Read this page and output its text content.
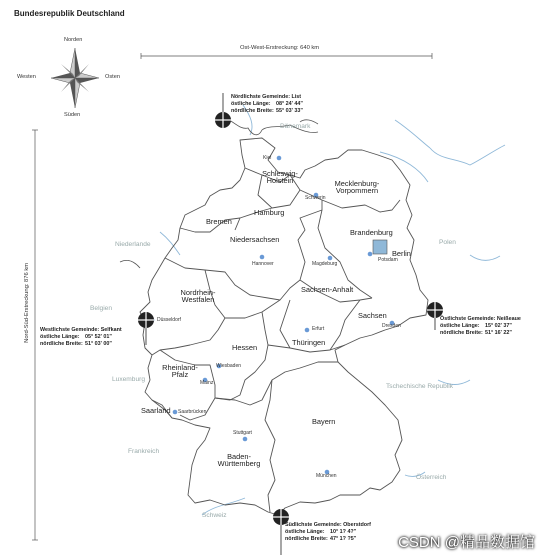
Bundesrepublik Deutschland
Norden
Süden
Osten
Westen
Ost-West-Erstreckung: 640 km
Nord-Süd-Erstreckung: 876 km
Schleswig-
Holstein
Hamburg
Mecklenburg-
Vorpommern
Bremen
Niedersachsen
Brandenburg
Berlin
Sachsen-Anhalt
Nordrhein-
Westfalen
Sachsen
Hessen
Thüringen
Rheinland-
Pfalz
Saarland
Bayern
Baden-
Württemberg
Kiel
Schwerin
Hannover
Potsdam
Magdeburg
Düsseldorf
Erfurt	Dresden
Wiesbaden
Mainz
Saarbrücken
Stuttgart
München
Dänemark
Niederlande	Polen
Belgien
Luxemburg
Tschechische Republik
Frankreich
Österreich
Schweiz
Nördlichste Gemeinde: List
östliche Länge:	08° 24' 44"
nördliche Breite: 55° 03' 33"
Westlichste Gemeinde: Selfkant
östliche Länge:	05° 52' 01"
nördliche Breite: 51° 03' 00"
Östlichste Gemeinde: Neißeaue
östliche Länge:	15° 02' 37"
nördliche Breite: 51° 16' 22"
Südlichste Gemeinde: Oberstdorf
östliche Länge:	10° 1? 4?"
nördliche Breite: 47° 1? ?5"	CSDN @精品数据馆
